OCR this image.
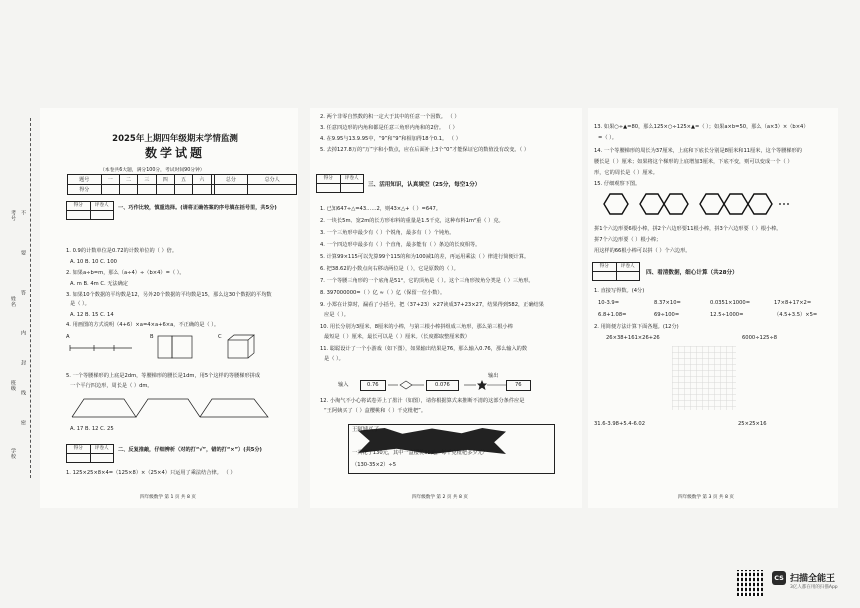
考号
姓名
不
要
答
内
封
线
班级
密
学校
2025年上期四年级期末学情监测
数学试题
（本卷共6大题，满分100分，考试时间90分钟）
题号	一	二	三	四	五	六		总分	总分人
得分									
得分	评卷人	一、巧作比较，慎重选择。(请将正确答案的序号填在括号里，共5分)
1. 0.9的计数单位是0.72的计数单位的（ ）倍。
A. 10 B. 10 C. 100
2. 如果a÷b=m，那么（a÷4）÷（b×4）=（ ）。
A. m B. 4m C. 无法确定
3. 如果10个数据的平均数是12，另外20个数据的平均数是15，那么这30个数据的平均数
是（ ）。
A. 12 B. 15 C. 14
4. 用画图的方式说明（4+6）×a=4×a+6×a，不正确的是（ ）。
A	B	C
5. 一个等腰梯形的上底是2dm，等腰梯形的腰长是1dm，用5个这样的等腰梯形拼成
一个平行四边形，周长是（ ）dm。
A. 17 B. 12 C. 25
得分	评卷人	二、反复推敲，仔细辨析（对的打“√”，错的打“×”）(共5分)
1. 125×25×8×4=（125×8）×（25×4）只运用了乘法结合律。 （ ）
四年级数学 第 1 页 共 8 页
2. 两个非零自然数的积一定大于其中的任意一个因数。 （ ）
3. 任意四边形的内角和都是任意三角形内角和的2倍。 （ ）
4. 在9.95与13.9.95中，“9”和“9”和相加得18个0.1。 （ ）
5. 去掉127.8万的“万”字和小数点，应在后面补上3个“0”才能保证它的数值没有改变。（ ）
得分	评卷人
三、活用知识，认真填空（25分，每空1分）
1. 已知647÷△=43……2，则43×△+（ ）=647。
2. 一块长5m、宽2m的长方形布料的重量是1.5千克，这种布料1m²重（ ）克。
3. 一个三角形中最少有（ ）个锐角，最多有（ ）个钝角。
4. 一个四边形中最多有（ ）个直角，最多能有（ ）条边的长度相等。
5. 计算99×115可以先算99个115的和为100减1的差，再运用乘法（ ）律进行简便计算。
6. 把38.62的小数点向右移动两位是（ ），它是原数的（ ）。
7. 一个等腰三角形的一个底角是51°，它的顶角是（ ）。这个三角形按角分类是（ ）三角形。
8. 397000000=（ ）亿 ≈（ ）亿（保留一位小数）。
9. 小郑在计算时，漏看了小括号，把（37+23）×27读成37+23×27，结果得到582，正确结果
应是（ ）。
10. 用长分别为3厘米、8厘米的小棒，与第三根小棒拼组成三角形，那么第三根小棒
最短是（ ）厘米，最长可以是（ ）厘米。（长度都取整厘米数）
11. 聪聪设计了一个小游戏（如下图），如果输出结果是76，那么输入0.76，那么输入的数
是（ ）。
输入	0.76	0.076
输出
76
12. 小淘气不小心将试卷弄上了墨汁（如图），请你根据算式来推断不清的这部分条件应是
“王阿姨买了（ ）盒樱桃和（ ）千克枇杷”。
王阿姨买了
一共花了130元，其中一盒樱桃35元，每千克枇杷多少元？
（130-35×2）÷5
四年级数学 第 2 页 共 8 页
13. 如果○÷▲=80，那么125×○÷125×▲=（ ）；如果a×b=50，那么（a×3）×（b×4）
=（ ）。
14. 一个等腰梯形的周长为37厘米，上底和下底长分别是8厘米和11厘米，这个等腰梯形的
腰长是（ ）厘米；如果将这个梯形的上底增加3厘米，下底不变，则可以变成一个（ ）
形，它的周长是（ ）厘米。
15. 仔细观察下图。
拼1个六边形要6根小棒，拼2个六边形要11根小棒，拼3个六边形要（ ）根小棒。
拼7个六边形要（ ）根小棒；
用这样的66根小棒可以拼（ ）个六边形。
得分	评卷人
四、看清数据，细心计算（共28分）
1. 直接写得数。(4分)
10-3.9=	8.37×10=	0.0351×1000=	17×8+17×2=
6.8+1.08=	69÷100=	12.5÷1000=	（4.5+3.5）×5=
2. 用简便方法计算下面各题。(12分)
26×38+161×26+26	6000÷125÷8
31.6-3.98+5.4-6.02	25×25×16
四年级数学 第 3 页 共 8 页
CS 扫描全能王
3亿人都在用的扫描App
